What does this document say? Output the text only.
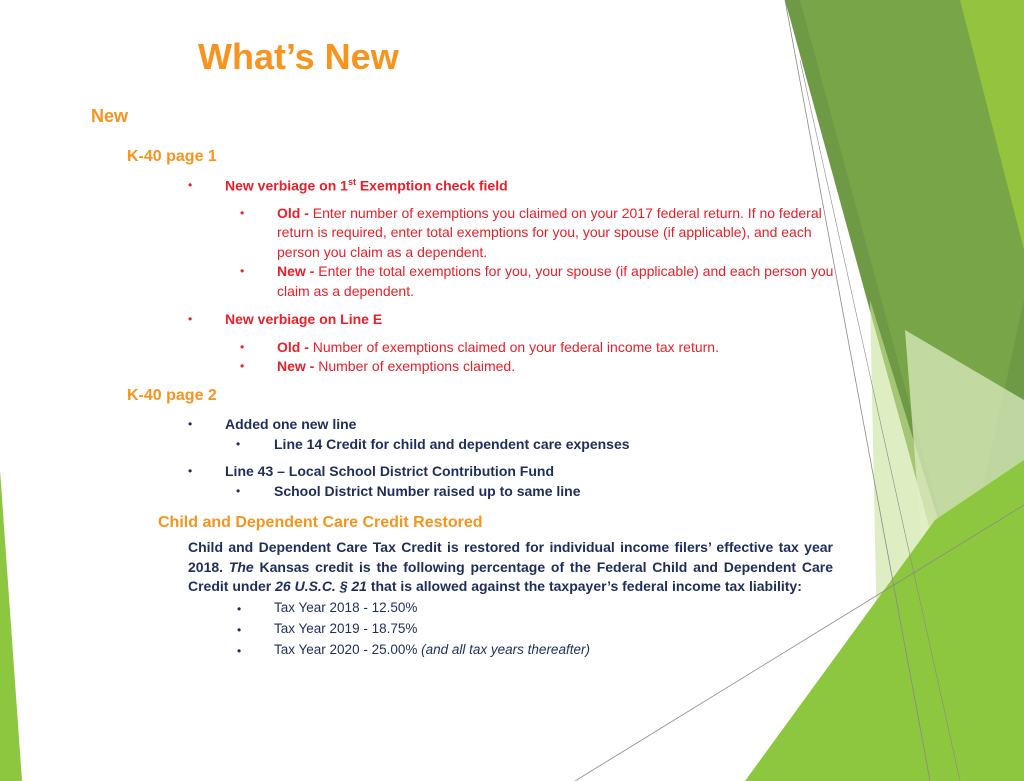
What’s New
New
K-40 page 1
• New verbiage on 1st Exemption check field
• Old - Enter number of exemptions you claimed on your 2017 federal return. If no federal
return is required, enter total exemptions for you, your spouse (if applicable), and each
person you claim as a dependent.
• New - Enter the total exemptions for you, your spouse (if applicable) and each person you
claim as a dependent.
• New verbiage on Line E
• Old - Number of exemptions claimed on your federal income tax return.
• New - Number of exemptions claimed.
K-40 page 2
• Added one new line
• Line 14 Credit for child and dependent care expenses
• Line 43 – Local School District Contribution Fund
• School District Number raised up to same line
Child and Dependent Care Credit Restored
Child and Dependent Care Tax Credit is restored for individual income filers’ effective tax year 2018. The Kansas credit is the following percentage of the Federal Child and Dependent Care Credit under 26 U.S.C. § 21 that is allowed against the taxpayer’s federal income tax liability:
• Tax Year 2018 - 12.50%
• Tax Year 2019 - 18.75%
• Tax Year 2020 - 25.00% (and all tax years thereafter)
